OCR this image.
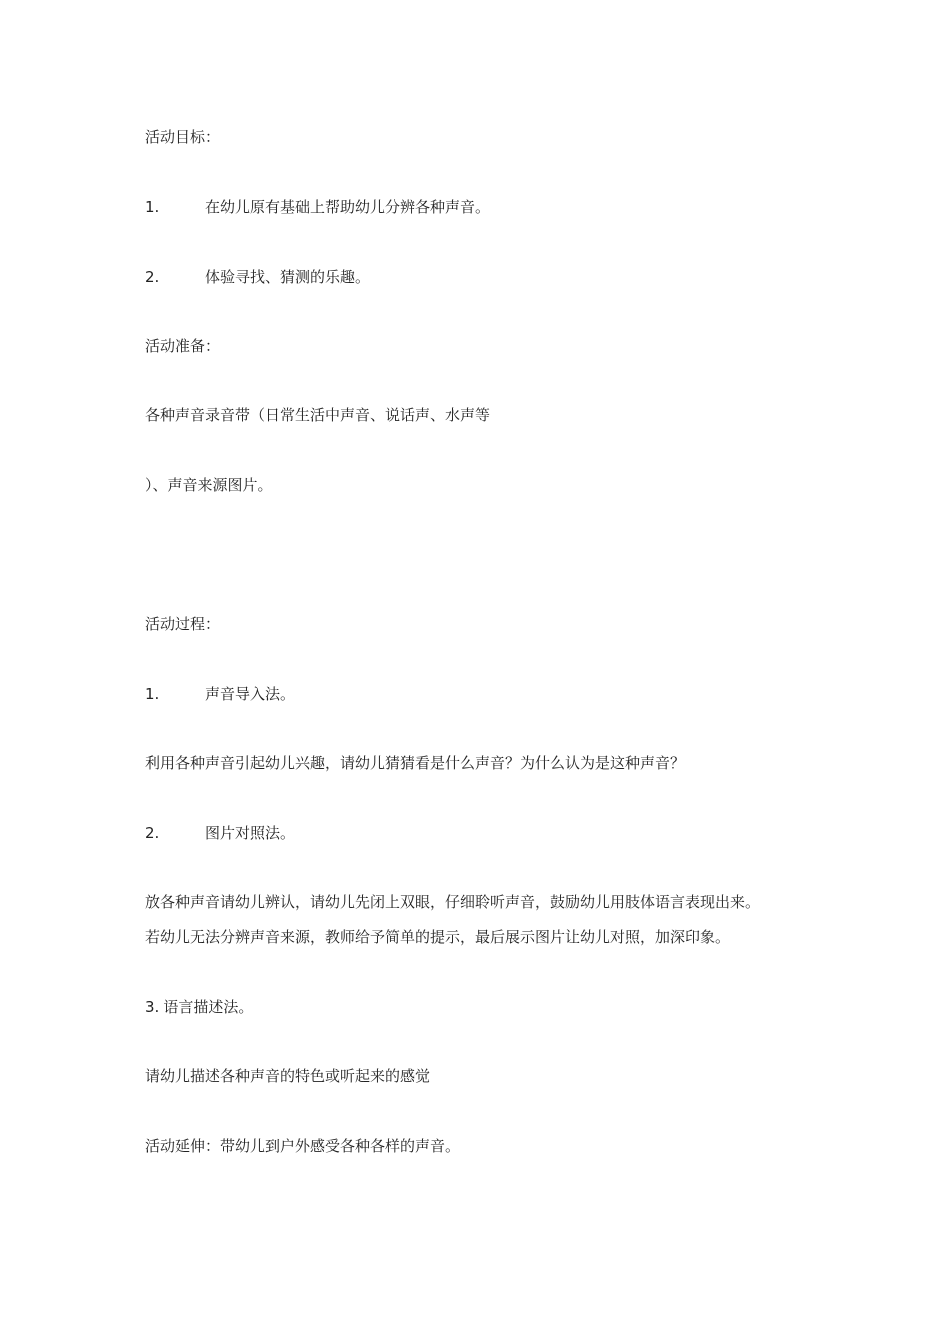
活动目标：
1.	在幼儿原有基础上帮助幼儿分辨各种声音。
2.	体验寻找、猜测的乐趣。
活动准备：
各种声音录音带（日常生活中声音、说话声、水声等
）、声音来源图片。
活动过程：
1.	声音导入法。
利用各种声音引起幼儿兴趣，请幼儿猜猜看是什么声音？为什么认为是这种声音？
2.	图片对照法。
放各种声音请幼儿辨认，请幼儿先闭上双眼，仔细聆听声音，鼓励幼儿用肢体语言表现出来。
若幼儿无法分辨声音来源，教师给予简单的提示，最后展示图片让幼儿对照，加深印象。
3. 语言描述法。
请幼儿描述各种声音的特色或听起来的感觉
活动延伸：带幼儿到户外感受各种各样的声音。
